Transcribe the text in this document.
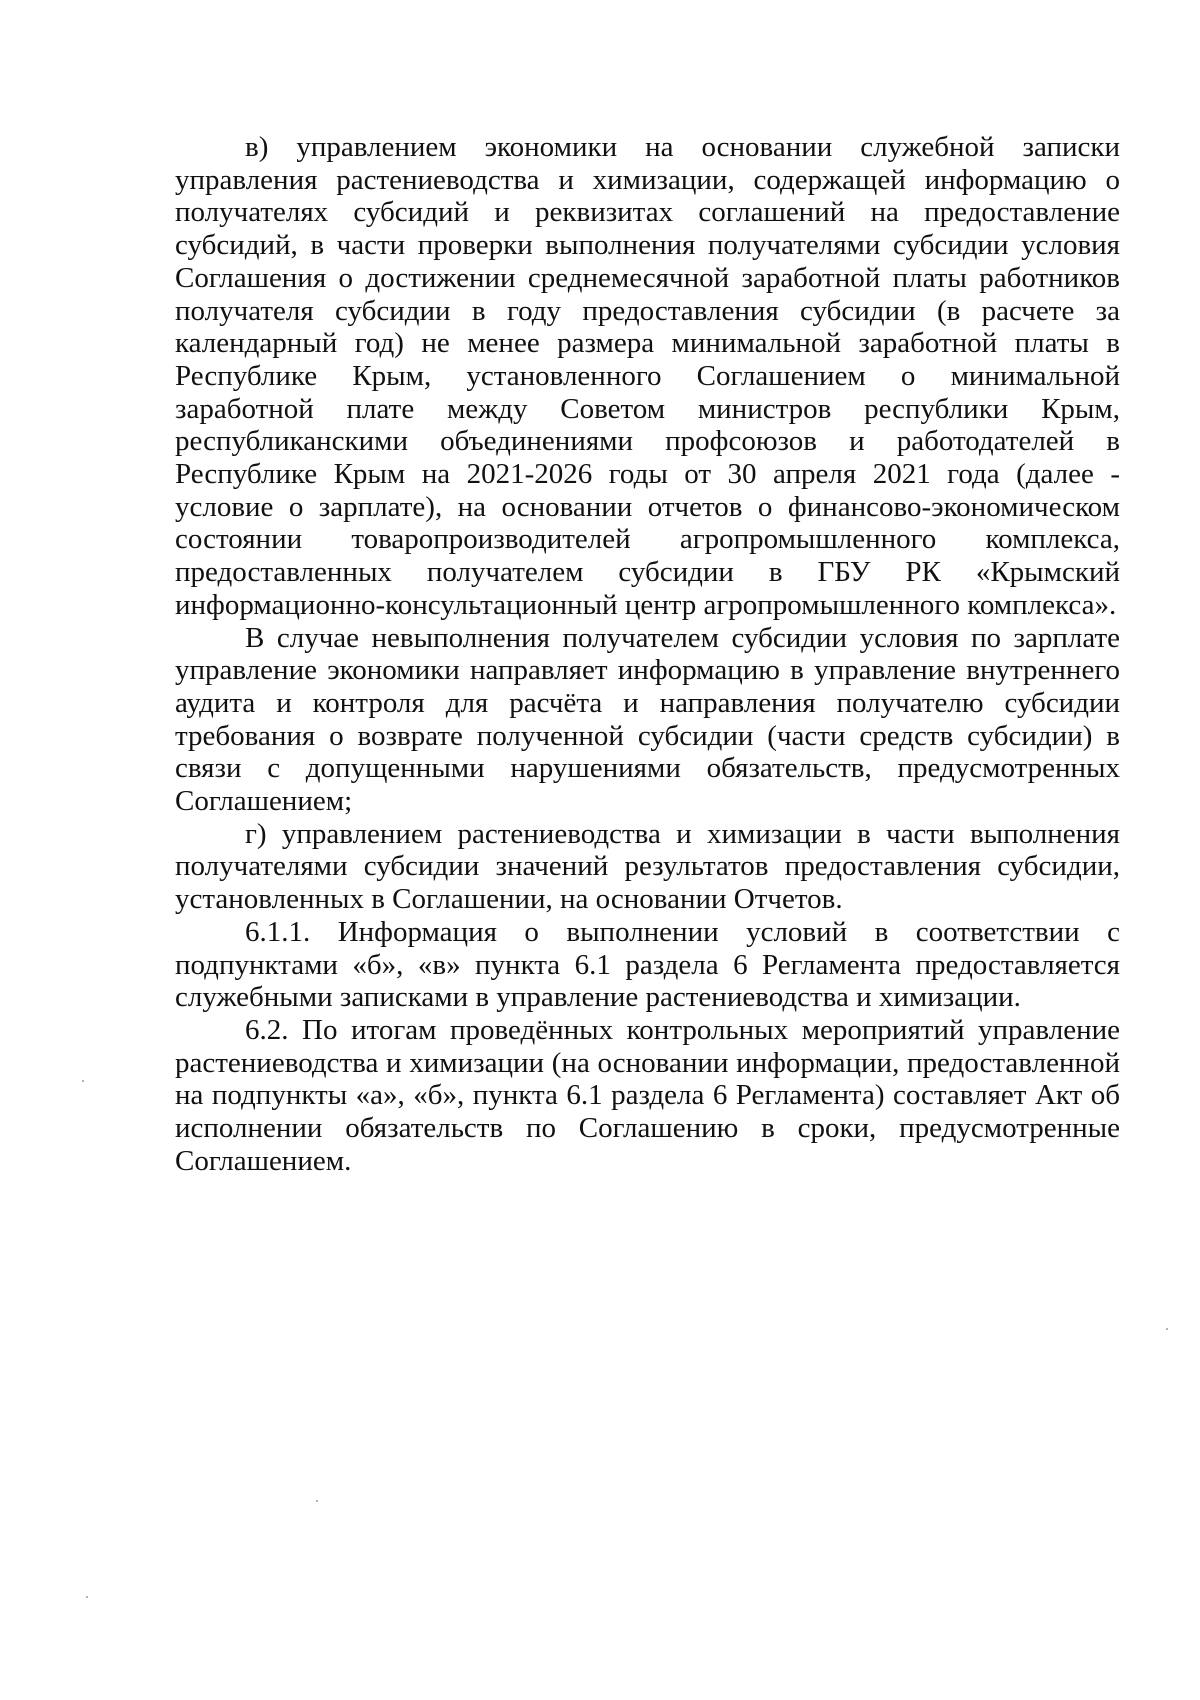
в) управлением экономики на основании служебной записки управления растениеводства и химизации, содержащей информацию о получателях субсидий и реквизитах соглашений на предоставление субсидий, в части проверки выполнения получателями субсидии условия Соглашения о достижении среднемесячной заработной платы работников получателя субсидии в году предоставления субсидии (в расчете за календарный год) не менее размера минимальной заработной платы в Республике Крым, установленного Соглашением о минимальной заработной плате между Советом министров республики Крым, республиканскими объединениями профсоюзов и работодателей в Республике Крым на 2021-2026 годы от 30 апреля 2021 года (далее - условие о зарплате), на основании отчетов о финансово-экономическом состоянии товаропроизводителей агропромышленного комплекса, предоставленных получателем субсидии в ГБУ РК «Крымский информационно-консультационный центр агропромышленного комплекса».

В случае невыполнения получателем субсидии условия по зарплате управление экономики направляет информацию в управление внутреннего аудита и контроля для расчёта и направления получателю субсидии требования о возврате полученной субсидии (части средств субсидии) в связи с допущенными нарушениями обязательств, предусмотренных Соглашением;

г) управлением растениеводства и химизации в части выполнения получателями субсидии значений результатов предоставления субсидии, установленных в Соглашении, на основании Отчетов.

6.1.1. Информация о выполнении условий в соответствии с подпунктами «б», «в» пункта 6.1 раздела 6 Регламента предоставляется служебными записками в управление растениеводства и химизации.

6.2. По итогам проведённых контрольных мероприятий управление растениеводства и химизации (на основании информации, предоставленной на подпункты «а», «б», пункта 6.1 раздела 6 Регламента) составляет Акт об исполнении обязательств по Соглашению в сроки, предусмотренные Соглашением.
